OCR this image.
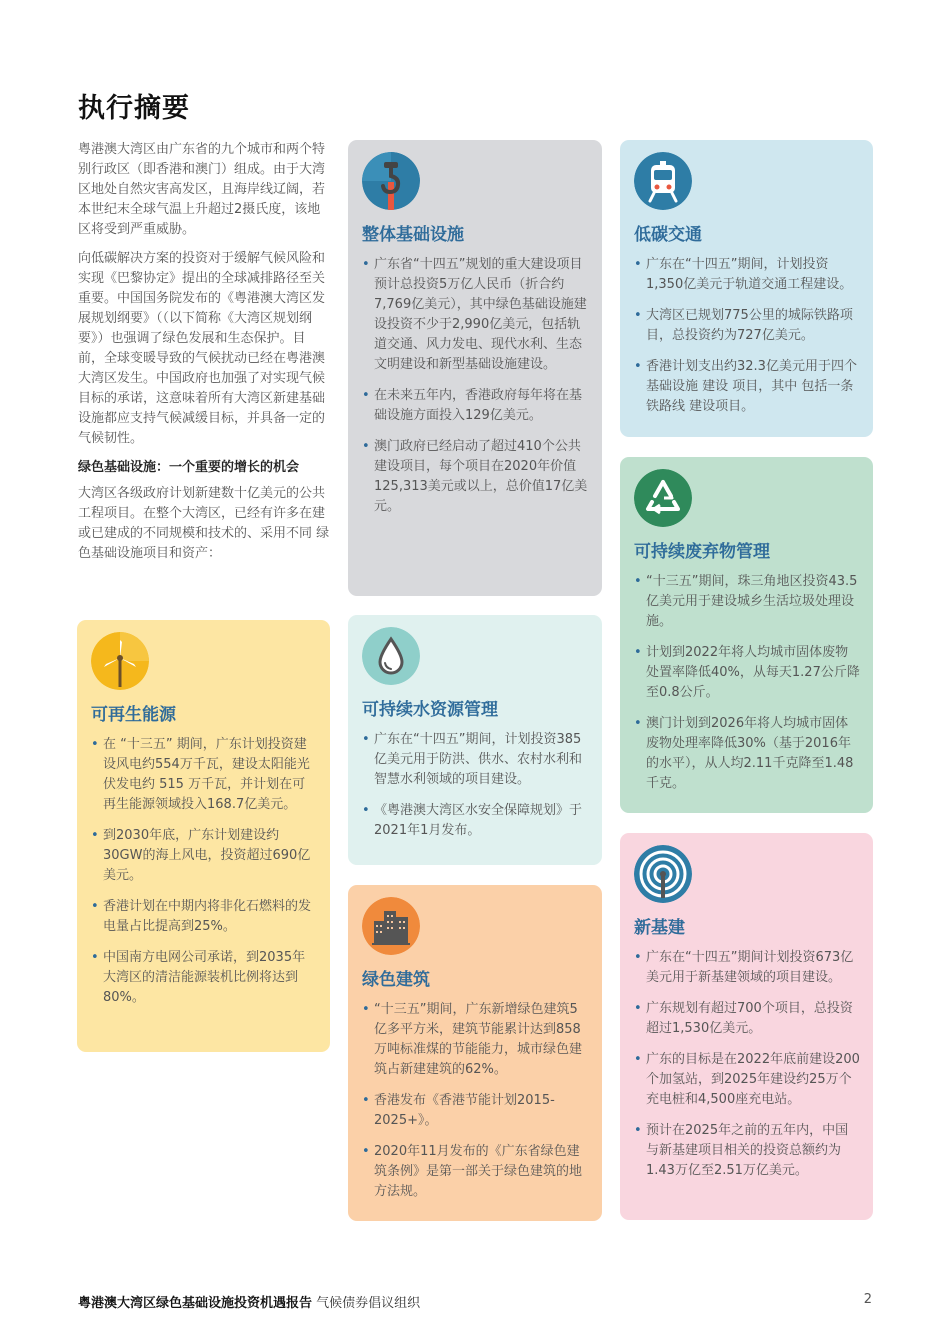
执行摘要

粤港澳大湾区由广东省的九个城市和两个特别行政区（即香港和澳门）组成。由于大湾区地处自然灾害高发区，且海岸线辽阔，若本世纪末全球气温上升超过2摄氏度，该地区将受到严重威胁。

向低碳解决方案的投资对于缓解气候风险和实现《巴黎协定》提出的全球减排路径至关重要。中国国务院发布的《粤港澳大湾区发展规划纲要》（（以下简称《大湾区规划纲要》）也强调了绿色发展和生态保护。目前，全球变暖导致的气候扰动已经在粤港澳大湾区发生。中国政府也加强了对实现气候目标的承诺，这意味着所有大湾区新建基础设施都应支持气候减缓目标，并具备一定的气候韧性。

绿色基础设施：一个重要的增长的机会

大湾区各级政府计划新建数十亿美元的公共工程项目。在整个大湾区，已经有许多在建或已建成的不同规模和技术的、采用不同 绿色基础设施项目和资产：

整体基础设施
• 广东省“十四五”规划的重大建设项目预计总投资5万亿人民币（折合约7,769亿美元），其中绿色基础设施建设投资不少于2,990亿美元，包括轨道交通、风力发电、现代水利、生态文明建设和新型基础设施建设。
• 在未来五年内，香港政府每年将在基础设施方面投入129亿美元。
• 澳门政府已经启动了超过410个公共建设项目，每个项目在2020年价值125,313美元或以上，总价值17亿美元。
低碳交通
• 广东在“十四五”期间，计划投资1,350亿美元于轨道交通工程建设。
• 大湾区已规划775公里的城际铁路项目，总投资约为727亿美元。
• 香港计划支出约32.3亿美元用于四个基础设施 建设 项目，其中 包括一条铁路线 建设项目。
可持续废弃物管理
• “十三五”期间，珠三角地区投资43.5亿美元用于建设城乡生活垃圾处理设施。
• 计划到2022年将人均城市固体废物处置率降低40%，从每天1.27公斤降至0.8公斤。
• 澳门计划到2026年将人均城市固体废物处理率降低30%（基于2016年的水平），从人均2.11千克降至1.48千克。
可再生能源
• 在 “十三五” 期间，广东计划投资建设风电约554万千瓦，建设太阳能光伏发电约 515 万千瓦，并计划在可再生能源领域投入168.7亿美元。
• 到2030年底，广东计划建设约30GW的海上风电，投资超过690亿美元。
• 香港计划在中期内将非化石燃料的发电量占比提高到25%。
• 中国南方电网公司承诺，到2035年大湾区的清洁能源装机比例将达到80%。
可持续水资源管理
• 广东在“十四五”期间，计划投资385亿美元用于防洪、供水、农村水利和智慧水利领域的项目建设。
• 《粤港澳大湾区水安全保障规划》于2021年1月发布。
绿色建筑
• “十三五”期间，广东新增绿色建筑5亿多平方米，建筑节能累计达到858万吨标准煤的节能能力，城市绿色建筑占新建建筑的62%。
• 香港发布《香港节能计划2015-2025+》。
• 2020年11月发布的《广东省绿色建筑条例》是第一部关于绿色建筑的地方法规。
新基建
• 广东在“十四五”期间计划投资673亿美元用于新基建领域的项目建设。
• 广东规划有超过700个项目，总投资超过1,530亿美元。
• 广东的目标是在2022年底前建设200个加氢站，到2025年建设约25万个充电桩和4,500座充电站。
• 预计在2025年之前的五年内，中国与新基建项目相关的投资总额约为1.43万亿至2.51万亿美元。
粤港澳大湾区绿色基础设施投资机遇报告 气候债券倡议组织	2
